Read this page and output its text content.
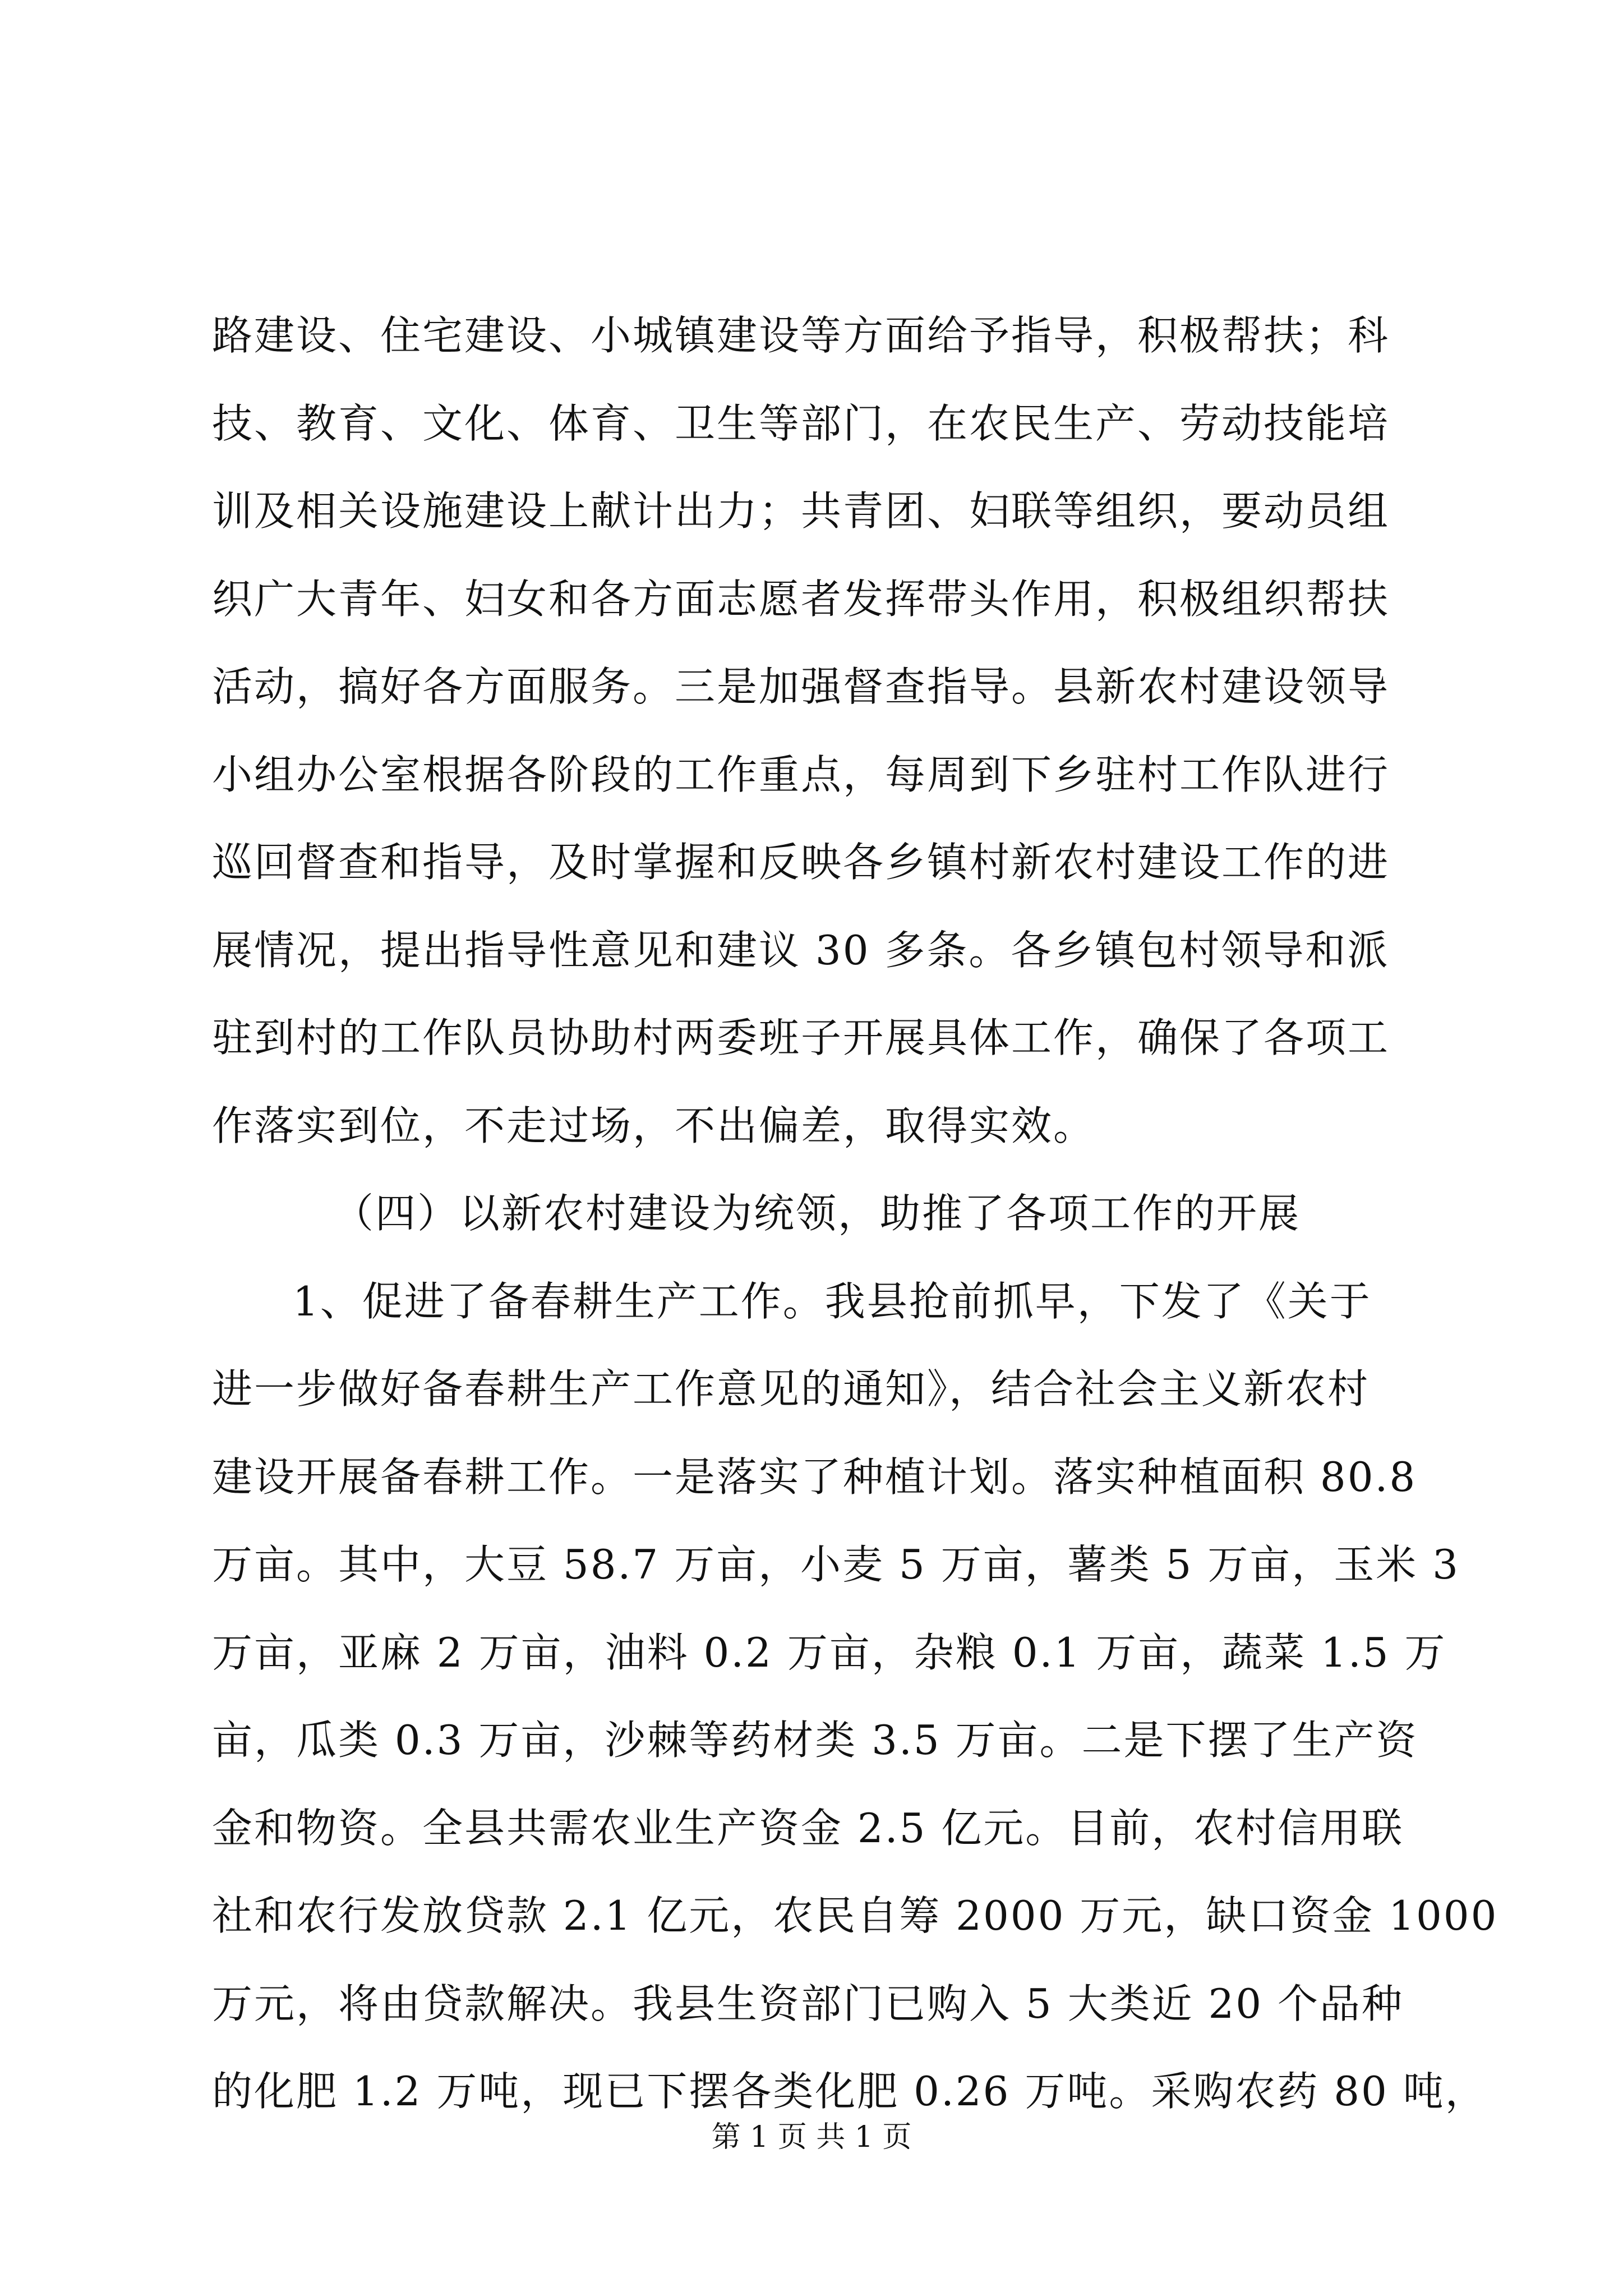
路建设、住宅建设、小城镇建设等方面给予指导，积极帮扶；科
技、教育、文化、体育、卫生等部门，在农民生产、劳动技能培
训及相关设施建设上献计出力；共青团、妇联等组织，要动员组
织广大青年、妇女和各方面志愿者发挥带头作用，积极组织帮扶
活动，搞好各方面服务。三是加强督查指导。县新农村建设领导
小组办公室根据各阶段的工作重点，每周到下乡驻村工作队进行
巡回督查和指导，及时掌握和反映各乡镇村新农村建设工作的进
展情况，提出指导性意见和建议 30 多条。各乡镇包村领导和派
驻到村的工作队员协助村两委班子开展具体工作，确保了各项工
作落实到位，不走过场，不出偏差，取得实效。
（四）以新农村建设为统领，助推了各项工作的开展
1、促进了备春耕生产工作。我县抢前抓早，下发了《关于
进一步做好备春耕生产工作意见的通知》，结合社会主义新农村
建设开展备春耕工作。一是落实了种植计划。落实种植面积 80.8
万亩。其中，大豆 58.7 万亩，小麦 5 万亩，薯类 5 万亩，玉米 3
万亩，亚麻 2 万亩，油料 0.2 万亩，杂粮 0.1 万亩，蔬菜 1.5 万
亩，瓜类 0.3 万亩，沙棘等药材类 3.5 万亩。二是下摆了生产资
金和物资。全县共需农业生产资金 2.5 亿元。目前，农村信用联
社和农行发放贷款 2.1 亿元，农民自筹 2000 万元，缺口资金 1000
万元，将由贷款解决。我县生资部门已购入 5 大类近 20 个品种
的化肥 1.2 万吨，现已下摆各类化肥 0.26 万吨。采购农药 80 吨，
第 1 页 共 1 页
